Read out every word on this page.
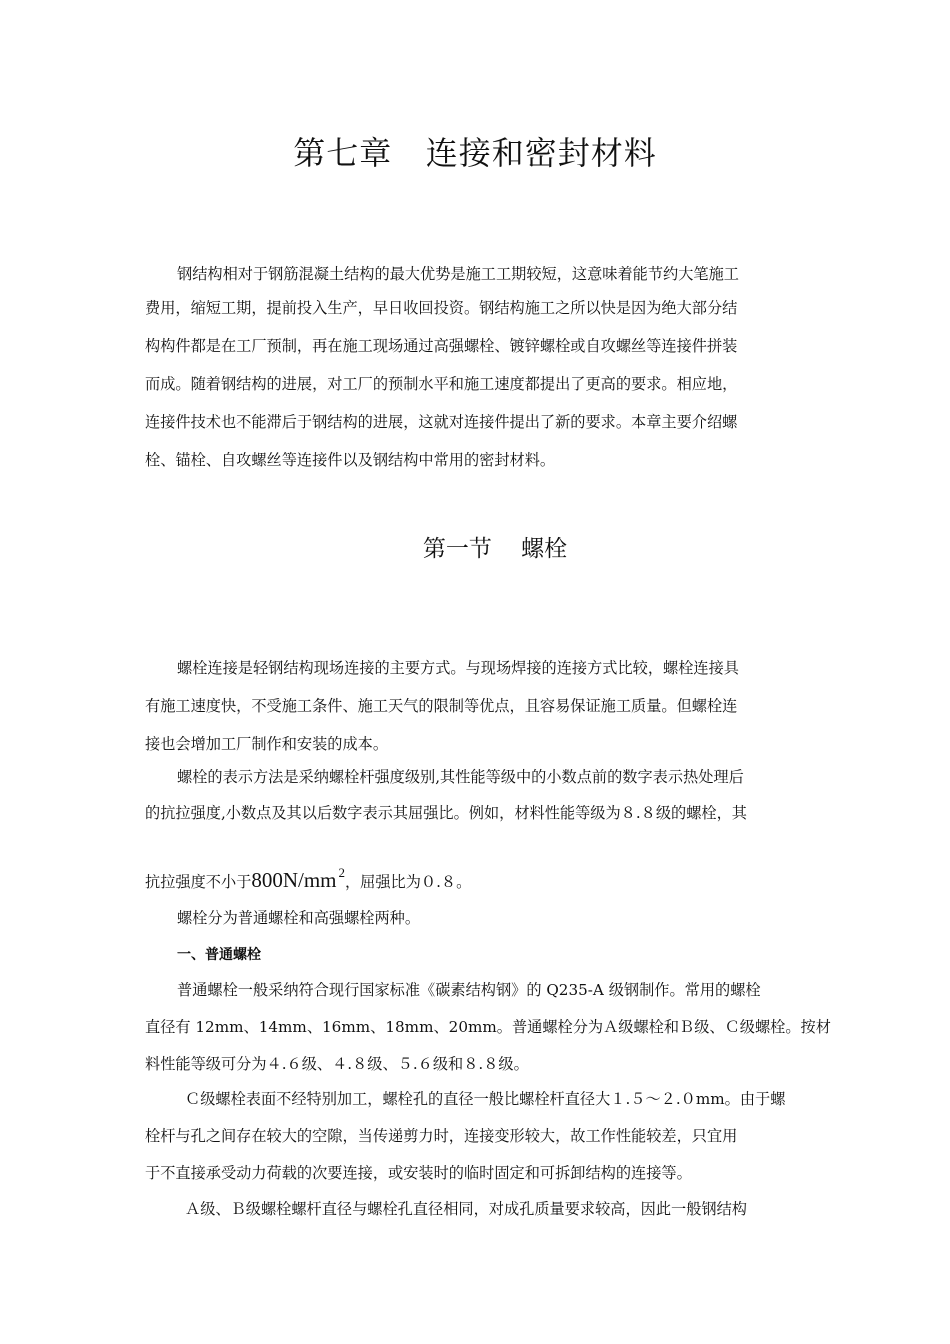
第七章   连接和密封材料
钢结构相对于钢筋混凝土结构的最大优势是施工工期较短，这意味着能节约大笔施工
费用，缩短工期，提前投入生产，早日收回投资。钢结构施工之所以快是因为绝大部分结
构构件都是在工厂预制，再在施工现场通过高强螺栓、镀锌螺栓或自攻螺丝等连接件拼装
而成。随着钢结构的进展，对工厂的预制水平和施工速度都提出了更高的要求。相应地，
连接件技术也不能滞后于钢结构的进展，这就对连接件提出了新的要求。本章主要介绍螺
栓、锚栓、自攻螺丝等连接件以及钢结构中常用的密封材料。
第一节    螺栓
螺栓连接是轻钢结构现场连接的主要方式。与现场焊接的连接方式比较，螺栓连接具
有施工速度快，不受施工条件、施工天气的限制等优点，且容易保证施工质量。但螺栓连
接也会增加工厂制作和安装的成本。
螺栓的表示方法是采纳螺栓杆强度级别,其性能等级中的小数点前的数字表示热处理后
的抗拉强度,小数点及其以后数字表示其屈强比。例如，材料性能等级为８.８级的螺栓，其
抗拉强度不小于800N/mm $^2$，屈强比为０.８。
螺栓分为普通螺栓和高强螺栓两种。
一、普通螺栓
普通螺栓一般采纳符合现行国家标准《碳素结构钢》的 Q235-A 级钢制作。常用的螺栓
直径有 12mm、14mm、16mm、18mm、20mm。普通螺栓分为Ａ级螺栓和Ｂ级、Ｃ级螺栓。按材
料性能等级可分为４.６级、４.８级、５.６级和８.８级。
Ｃ级螺栓表面不经特别加工，螺栓孔的直径一般比螺栓杆直径大１.５～２.０mm。由于螺
栓杆与孔之间存在较大的空隙，当传递剪力时，连接变形较大，故工作性能较差，只宜用
于不直接承受动力荷载的次要连接，或安装时的临时固定和可拆卸结构的连接等。
Ａ级、Ｂ级螺栓螺杆直径与螺栓孔直径相同，对成孔质量要求较高，因此一般钢结构
